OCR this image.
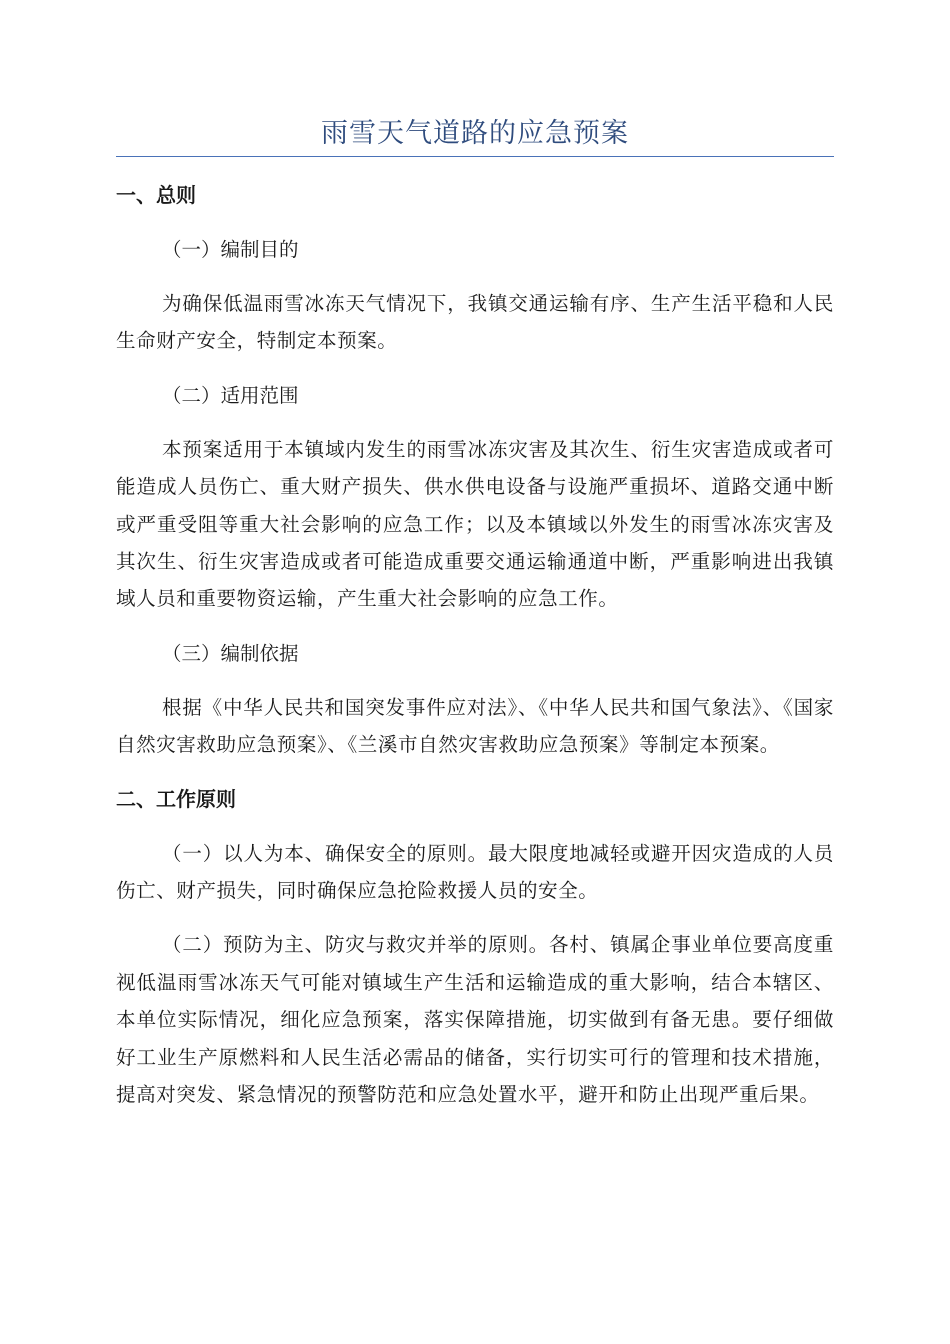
雨雪天气道路的应急预案
一、总则
（一）编制目的
为确保低温雨雪冰冻天气情况下，我镇交通运输有序、生产生活平稳和人民生命财产安全，特制定本预案。
（二）适用范围
本预案适用于本镇域内发生的雨雪冰冻灾害及其次生、衍生灾害造成或者可能造成人员伤亡、重大财产损失、供水供电设备与设施严重损坏、道路交通中断或严重受阻等重大社会影响的应急工作；以及本镇域以外发生的雨雪冰冻灾害及其次生、衍生灾害造成或者可能造成重要交通运输通道中断，严重影响进出我镇域人员和重要物资运输，产生重大社会影响的应急工作。
（三）编制依据
根据《中华人民共和国突发事件应对法》、《中华人民共和国气象法》、《国家自然灾害救助应急预案》、《兰溪市自然灾害救助应急预案》等制定本预案。
二、工作原则
（一）以人为本、确保安全的原则。最大限度地减轻或避开因灾造成的人员伤亡、财产损失，同时确保应急抢险救援人员的安全。
（二）预防为主、防灾与救灾并举的原则。各村、镇属企事业单位要高度重视低温雨雪冰冻天气可能对镇域生产生活和运输造成的重大影响，结合本辖区、本单位实际情况，细化应急预案，落实保障措施，切实做到有备无患。要仔细做好工业生产原燃料和人民生活必需品的储备，实行切实可行的管理和技术措施，提高对突发、紧急情况的预警防范和应急处置水平，避开和防止出现严重后果。
